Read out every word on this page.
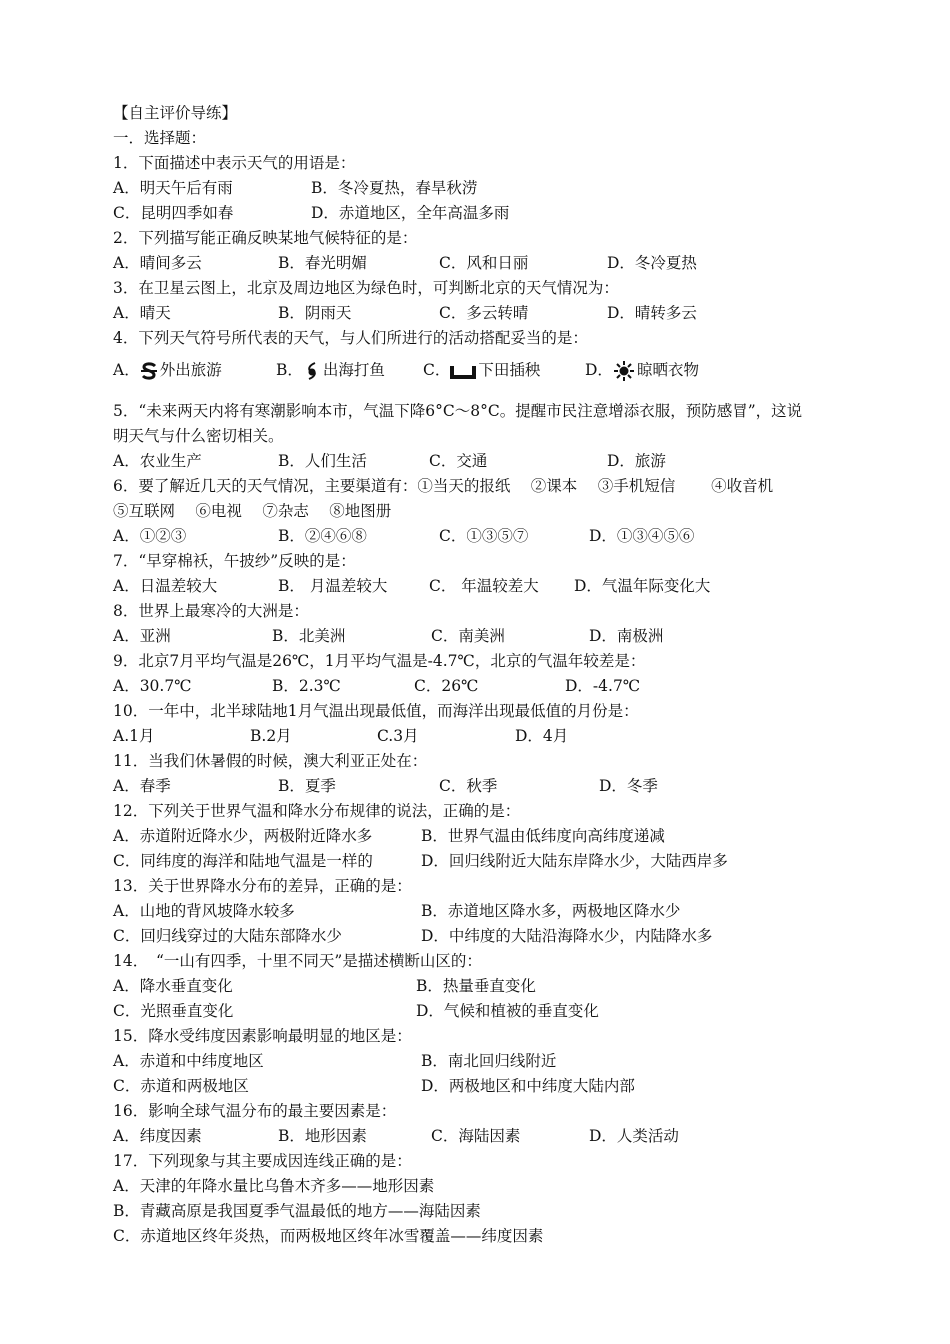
【自主评价导练】
一．选择题：
1．下面描述中表示天气的用语是：
A．明天午后有雨	B．冬冷夏热，春旱秋涝
C．昆明四季如春	D．赤道地区，全年高温多雨
2．下列描写能正确反映某地气候特征的是：
A．晴间多云	B．春光明媚	C．风和日丽	D．冬冷夏热
3．在卫星云图上，北京及周边地区为绿色时，可判断北京的天气情况为：
A．晴天	B．阴雨天	C．多云转晴	D．晴转多云
4．下列天气符号所代表的天气，与人们所进行的活动搭配妥当的是：
A． 外出旅游	B． 出海打鱼 C． 下田插秧	D． 晾晒衣物
5．“未来两天内将有寒潮影响本市，气温下降6°C～8°C。提醒市民注意增添衣服，预防感冒”，这说
明天气与什么密切相关。
A．农业生产	B．人们生活	C．交通	D．旅游
6．要了解近几天的天气情况，主要渠道有：①当天的报纸　 ②课本　 ③手机短信　 　④收音机
⑤互联网　 ⑥电视　 ⑦杂志　 ⑧地图册
A．①②③	B．②④⑥⑧	C．①③⑤⑦	D．①③④⑤⑥
7．“早穿棉袄，午披纱”反映的是：
A．日温差较大	B． 月温差较大	C． 年温较差大 D．气温年际变化大
8．世界上最寒冷的大洲是：
A．亚洲	B．北美洲	C．南美洲	D．南极洲
9．北京7月平均气温是26℃，1月平均气温是-4.7℃，北京的气温年较差是：
A．30.7℃	B．2.3℃	C．26℃	D．-4.7℃
10．一年中，北半球陆地1月气温出现最低值，而海洋出现最低值的月份是：
A.1月	B.2月	C.3月	D．4月
11．当我们休暑假的时候，澳大利亚正处在：
A．春季	B．夏季	C．秋季	D．冬季
12．下列关于世界气温和降水分布规律的说法，正确的是：
A．赤道附近降水少，两极附近降水多	B．世界气温由低纬度向高纬度递减
C．同纬度的海洋和陆地气温是一样的	D．回归线附近大陆东岸降水少，大陆西岸多
13．关于世界降水分布的差异，正确的是：
A．山地的背风坡降水较多	B．赤道地区降水多，两极地区降水少
C．回归线穿过的大陆东部降水少	D．中纬度的大陆沿海降水少，内陆降水多
14．　“一山有四季，十里不同天”是描述横断山区的：
A．降水垂直变化	B．热量垂直变化
C．光照垂直变化	D．气候和植被的垂直变化
15．降水受纬度因素影响最明显的地区是：
A．赤道和中纬度地区	B．南北回归线附近
C．赤道和两极地区	D．两极地区和中纬度大陆内部
16．影响全球气温分布的最主要因素是：
A．纬度因素	B．地形因素	C．海陆因素	D．人类活动
17．下列现象与其主要成因连线正确的是：
A．天津的年降水量比乌鲁木齐多——地形因素
B．青藏高原是我国夏季气温最低的地方——海陆因素
C．赤道地区终年炎热，而两极地区终年冰雪覆盖——纬度因素
